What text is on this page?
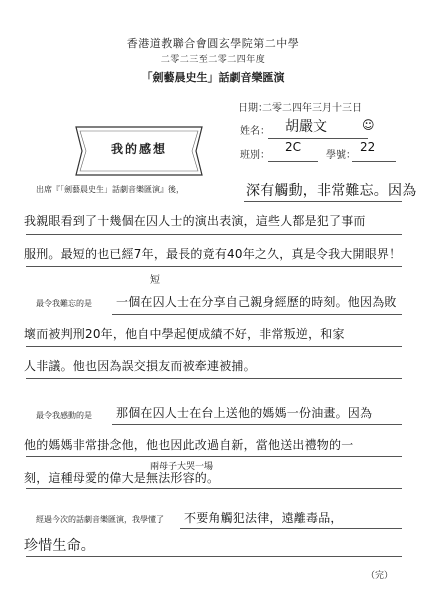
香港道教聯合會圓玄學院第二中學
二零二三至二零二四年度
「劍藝晨史生」話劇音樂匯演
日期：
二零二四年三月十三日
我的感想
姓名： 胡嚴文	☺
班別：
2C
學號：
22
出席『「劍藝晨史生」話劇音樂匯演』後，	深有觸動，非常難忘。因為
我親眼看到了十幾個在囚人士的演出表演，這些人都是犯了事而
服刑。最短的也已經7年，最長的竟有40年之久，真是令我大開眼界！
短
最令我難忘的是 一個在囚人士在分享自己親身經歷的時刻。他因為敗
壞而被判刑20年，他自中學起便成績不好，非常叛逆，和家
人非議。他也因為誤交損友而被牽連被捕。
最令我感動的是 那個在囚人士在台上送他的媽媽一份油畫。因為
他的媽媽非常掛念他，他也因此改過自新，當他送出禮物的一
兩母子大哭一場
刻，這種母愛的偉大是無法形容的。
經過今次的話劇音樂匯演，我學懂了 不要角觸犯法律，遠離毒品，
珍惜生命。
（完）
